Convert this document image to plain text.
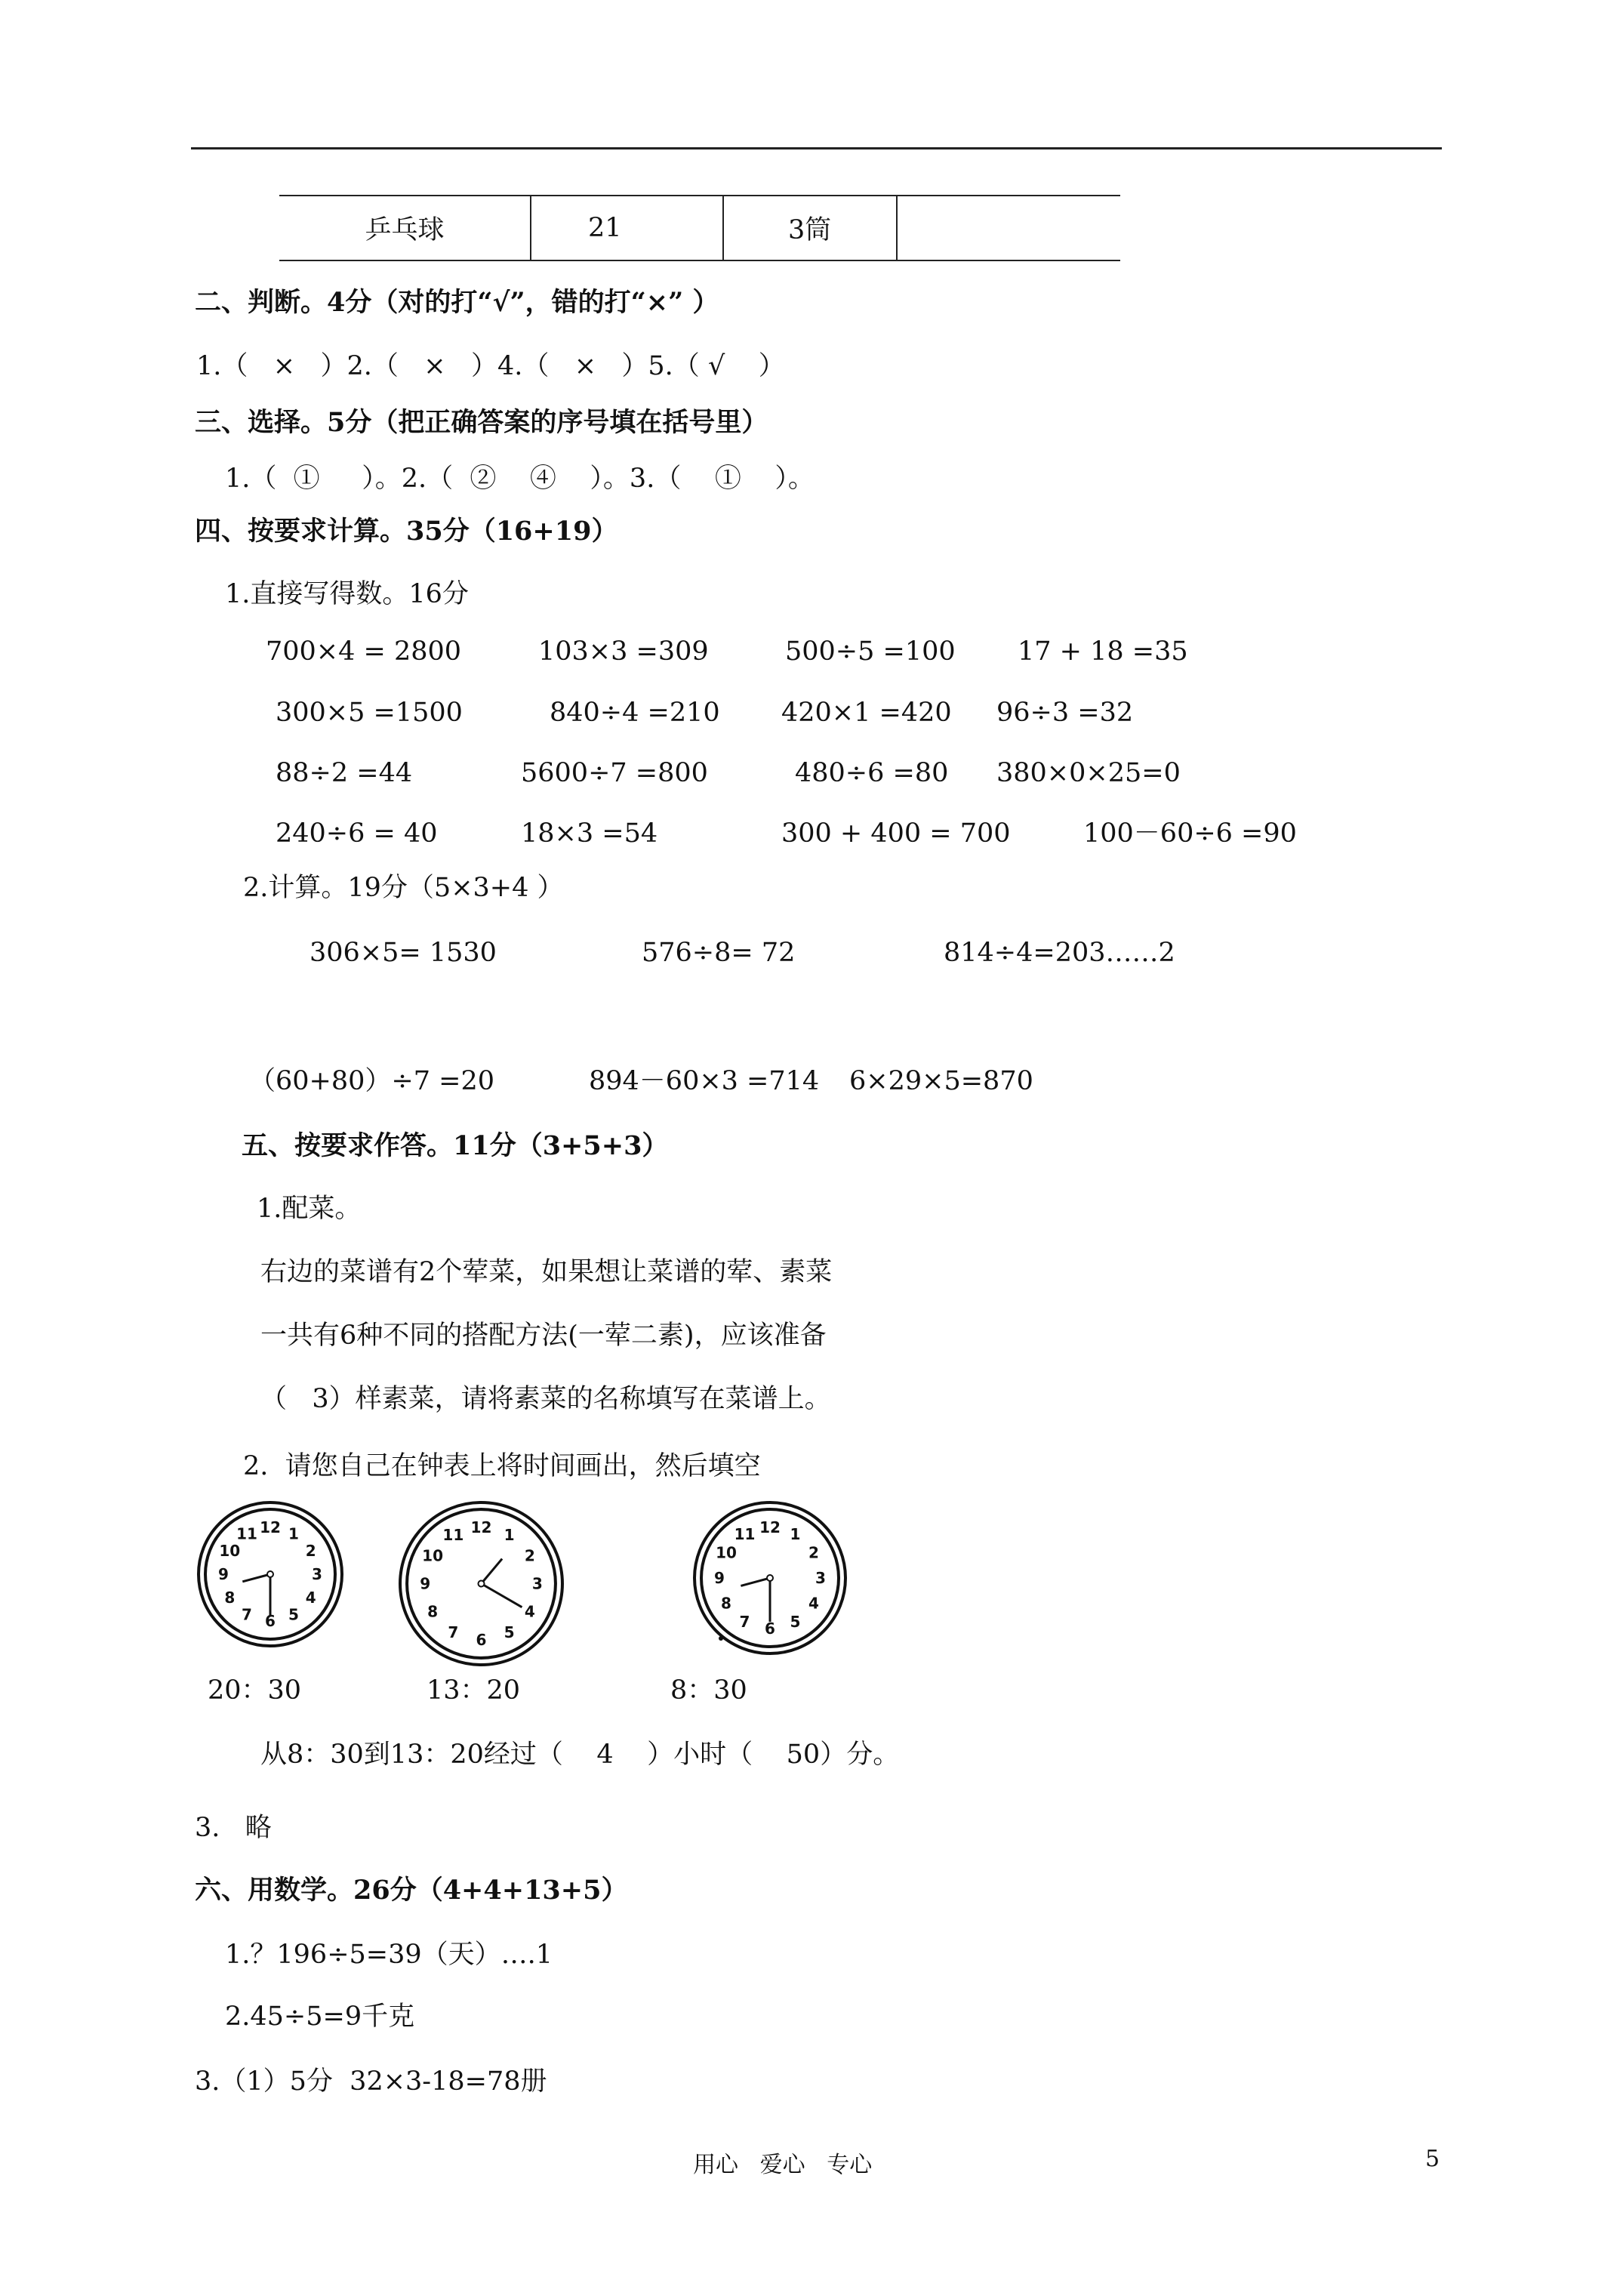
乒乓球	21	3筒	
二、判断。4分（对的打“√”，错的打“×” ）
1.（   ×   ）2.（   ×   ）4.（   ×   ）5.（ √    ）
三、选择。5分（把正确答案的序号填在括号里）
1.（  ①     ）。2.（  ②    ④    ）。3.（    ①    ）。
四、按要求计算。35分（16+19）
1.直接写得数。16分
700×4 = 2800	103×3 =309	500÷5 =100 17 + 18 =35
300×5 =1500	840÷4 =210 420×1 =420 96÷3 =32
88÷2 =44	5600÷7 =800	480÷6 =80 380×0×25=0
240÷6 = 40	18×3 =54	300 + 400 = 700	100－60÷6 =90
2.计算。19分（5×3+4 ）
306×5= 1530	576÷8= 72	814÷4=203……2
（60+80）÷7 =20	894－60×3 =714 6×29×5=870
五、按要求作答。11分（3+5+3）
1.配菜。
右边的菜谱有2个荤菜，如果想让菜谱的荤、素菜
一共有6种不同的搭配方法(一荤二素)，应该准备
（   3）样素菜，请将素菜的名称填写在菜谱上。
2.  请您自己在钟表上将时间画出，然后填空
12 1
2
3
4
5
6
7
8
9
10
11	12 1
2
3
4
5
6
7
8
9
10
11	12 1
2
3
4
5
6
7
8
9
10
11
20：30	13：20	8：30
从8：30到13：20经过（    4    ）小时（    50）分。
3.   略
六、用数学。26分（4+4+13+5）
1.？196÷5=39（天）….1
2.45÷5=9千克
3.（1）5分  32×3-18=78册
用心   爱心   专心	5
